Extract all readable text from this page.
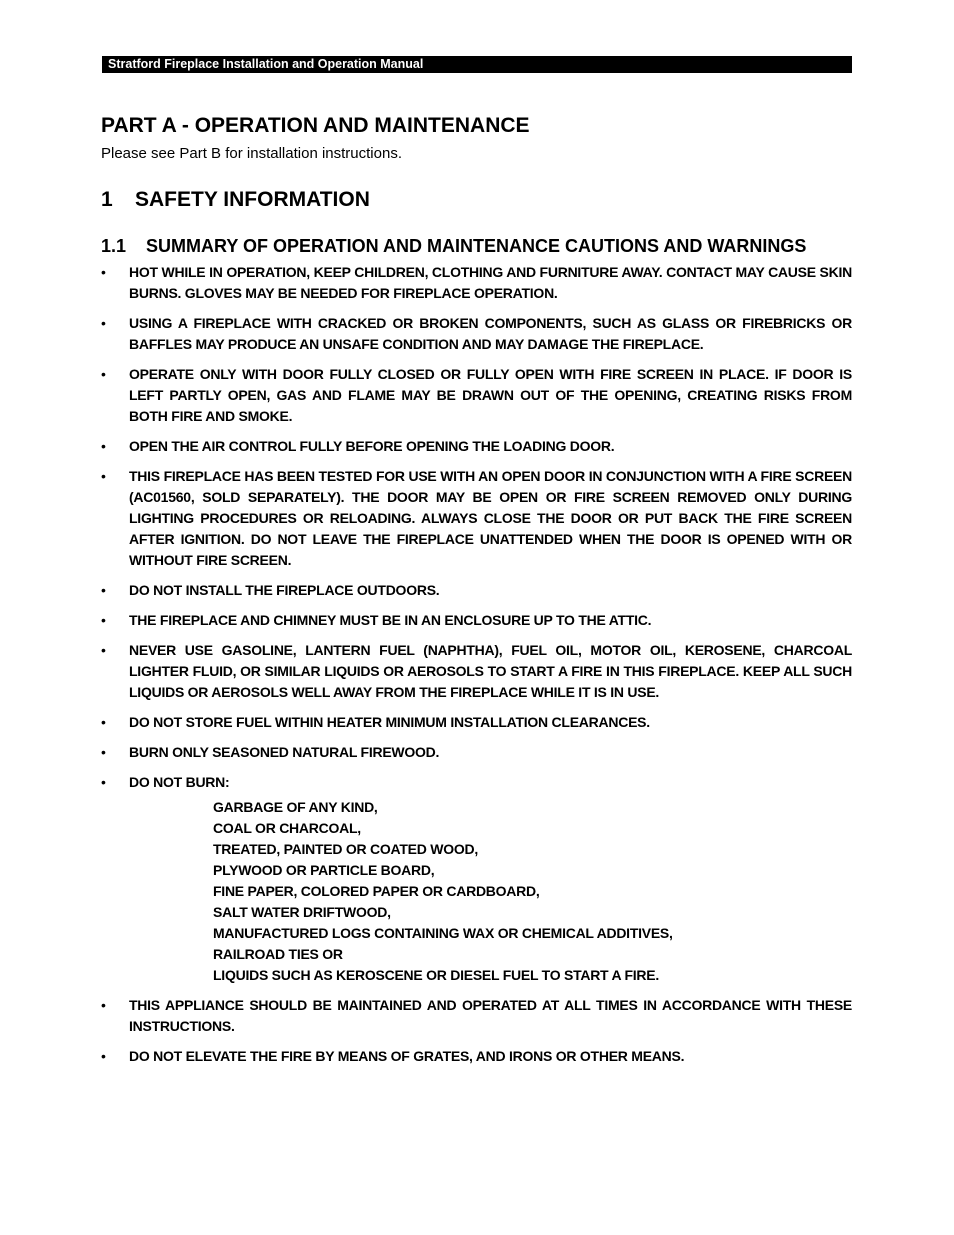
Stratford Fireplace Installation and Operation Manual
PART A - OPERATION AND MAINTENANCE

Please see Part B for installation instructions.

1	SAFETY INFORMATION
1.1	SUMMARY OF OPERATION AND MAINTENANCE CAUTIONS AND WARNINGS
• HOT WHILE IN OPERATION, KEEP CHILDREN, CLOTHING AND FURNITURE AWAY. CONTACT MAY CAUSE SKIN BURNS. GLOVES MAY BE NEEDED FOR FIREPLACE OPERATION.
• USING A FIREPLACE WITH CRACKED OR BROKEN COMPONENTS, SUCH AS GLASS OR FIREBRICKS OR BAFFLES MAY PRODUCE AN UNSAFE CONDITION AND MAY DAMAGE THE FIREPLACE.
• OPERATE ONLY WITH DOOR FULLY CLOSED OR FULLY OPEN WITH FIRE SCREEN IN PLACE. IF DOOR IS LEFT PARTLY OPEN, GAS AND FLAME MAY BE DRAWN OUT OF THE OPENING, CREATING RISKS FROM BOTH FIRE AND SMOKE.
• OPEN THE AIR CONTROL FULLY BEFORE OPENING THE LOADING DOOR.
• THIS FIREPLACE HAS BEEN TESTED FOR USE WITH AN OPEN DOOR IN CONJUNCTION WITH A FIRE SCREEN (AC01560, SOLD SEPARATELY). THE DOOR MAY BE OPEN OR FIRE SCREEN REMOVED ONLY DURING LIGHTING PROCEDURES OR RELOADING. ALWAYS CLOSE THE DOOR OR PUT BACK THE FIRE SCREEN AFTER IGNITION. DO NOT LEAVE THE FIREPLACE UNATTENDED WHEN THE DOOR IS OPENED WITH OR WITHOUT FIRE SCREEN.
• DO NOT INSTALL THE FIREPLACE OUTDOORS.
• THE FIREPLACE AND CHIMNEY MUST BE IN AN ENCLOSURE UP TO THE ATTIC.
• NEVER USE GASOLINE, LANTERN FUEL (NAPHTHA), FUEL OIL, MOTOR OIL, KEROSENE, CHARCOAL LIGHTER FLUID, OR SIMILAR LIQUIDS OR AEROSOLS TO START A FIRE IN THIS FIREPLACE. KEEP ALL SUCH LIQUIDS OR AEROSOLS WELL AWAY FROM THE FIREPLACE WHILE IT IS IN USE.
• DO NOT STORE FUEL WITHIN HEATER MINIMUM INSTALLATION CLEARANCES.
• BURN ONLY SEASONED NATURAL FIREWOOD.
• DO NOT BURN:
GARBAGE OF ANY KIND,
COAL OR CHARCOAL,
TREATED, PAINTED OR COATED WOOD,
PLYWOOD OR PARTICLE BOARD,
FINE PAPER, COLORED PAPER OR CARDBOARD,
SALT WATER DRIFTWOOD,
MANUFACTURED LOGS CONTAINING WAX OR CHEMICAL ADDITIVES,
RAILROAD TIES OR
LIQUIDS SUCH AS KEROSCENE OR DIESEL FUEL TO START A FIRE.
• THIS APPLIANCE SHOULD BE MAINTAINED AND OPERATED AT ALL TIMES IN ACCORDANCE WITH THESE INSTRUCTIONS.
• DO NOT ELEVATE THE FIRE BY MEANS OF GRATES, AND IRONS OR OTHER MEANS.
